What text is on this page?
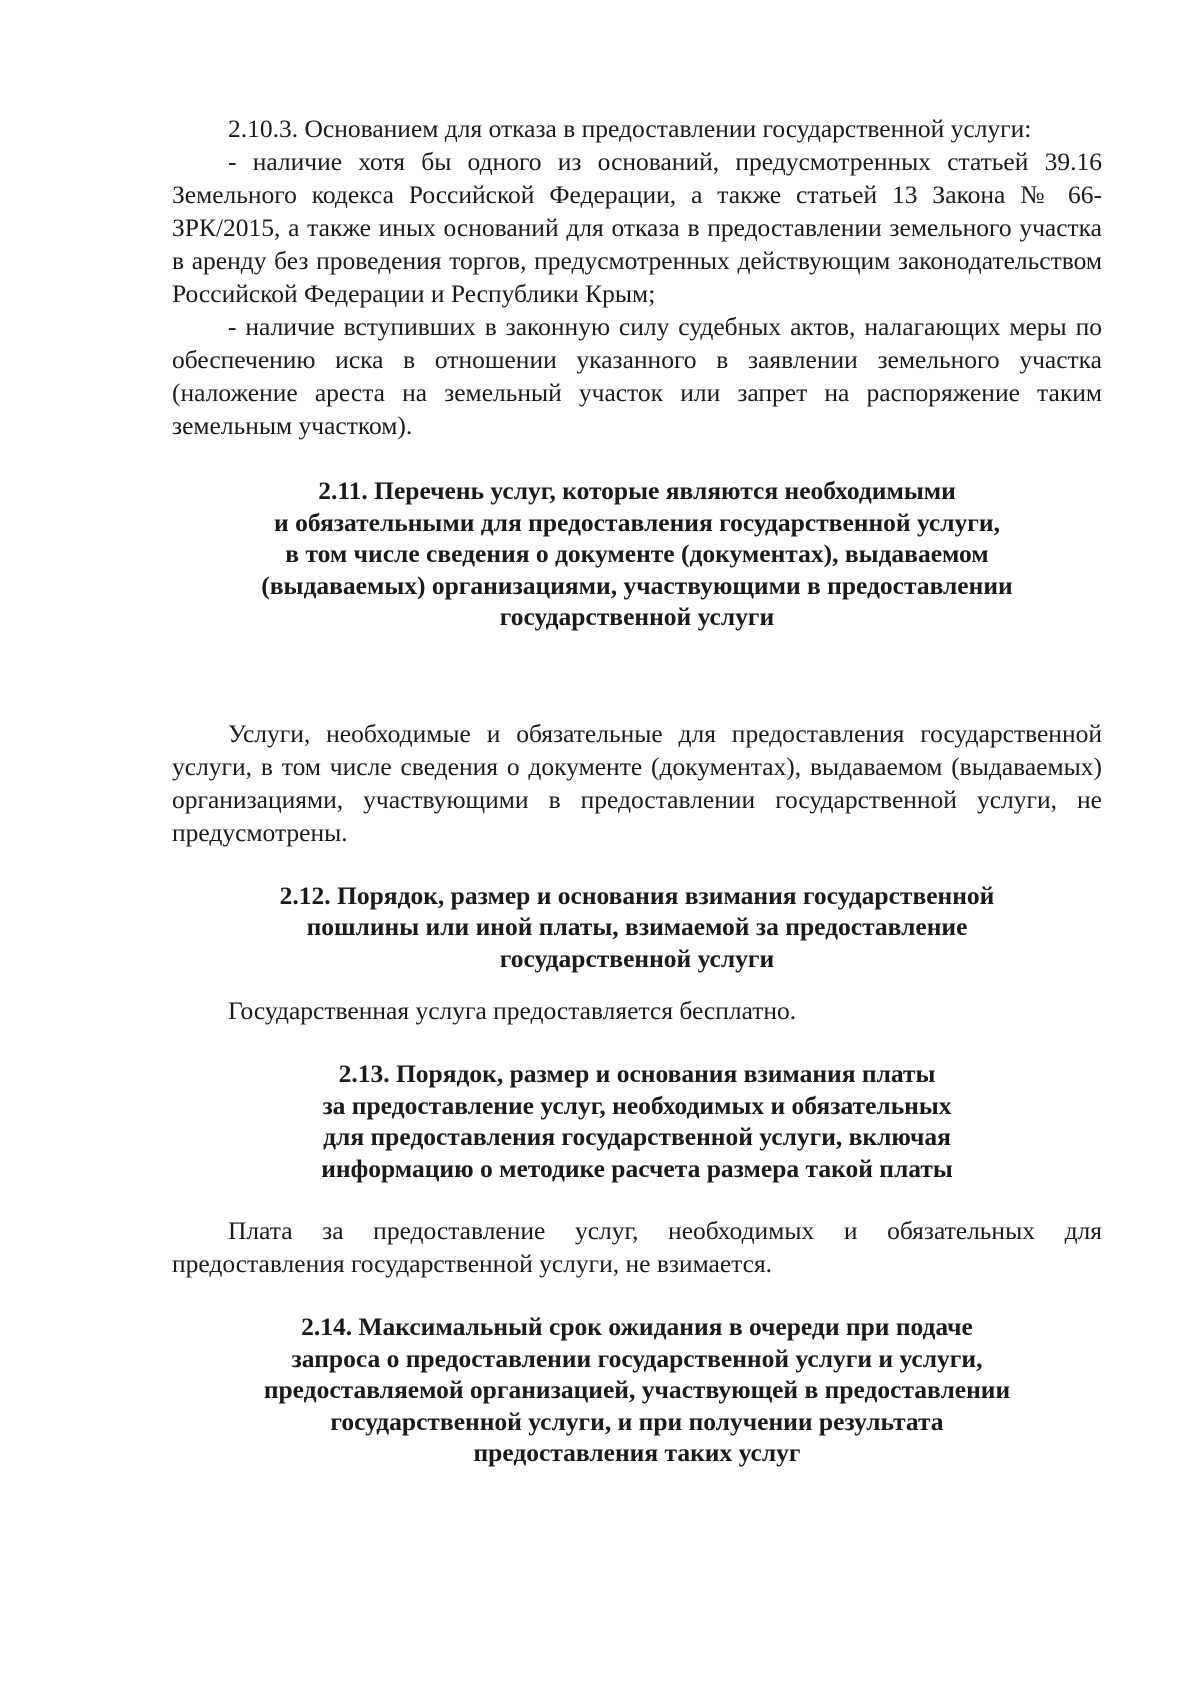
2.10.3. Основанием для отказа в предоставлении государственной услуги:

- наличие хотя бы одного из оснований, предусмотренных статьей 39.16 Земельного кодекса Российской Федерации, а также статьей 13 Закона № 66-ЗРК/2015, а также иных оснований для отказа в предоставлении земельного участка в аренду без проведения торгов, предусмотренных действующим законодательством Российской Федерации и Республики Крым;

- наличие вступивших в законную силу судебных актов, налагающих меры по обеспечению иска в отношении указанного в заявлении земельного участка (наложение ареста на земельный участок или запрет на распоряжение таким земельным участком).

2.11. Перечень услуг, которые являются необходимыми
и обязательными для предоставления государственной услуги,
в том числе сведения о документе (документах), выдаваемом
(выдаваемых) организациями, участвующими в предоставлении
государственной услуги

Услуги, необходимые и обязательные для предоставления государственной услуги, в том числе сведения о документе (документах), выдаваемом (выдаваемых) организациями, участвующими в предоставлении государственной услуги, не предусмотрены.

2.12. Порядок, размер и основания взимания государственной
пошлины или иной платы, взимаемой за предоставление
государственной услуги

Государственная услуга предоставляется бесплатно.

2.13. Порядок, размер и основания взимания платы
за предоставление услуг, необходимых и обязательных
для предоставления государственной услуги, включая
информацию о методике расчета размера такой платы

Плата за предоставление услуг, необходимых и обязательных для предоставления государственной услуги, не взимается.

2.14. Максимальный срок ожидания в очереди при подаче
запроса о предоставлении государственной услуги и услуги,
предоставляемой организацией, участвующей в предоставлении
государственной услуги, и при получении результата
предоставления таких услуг
